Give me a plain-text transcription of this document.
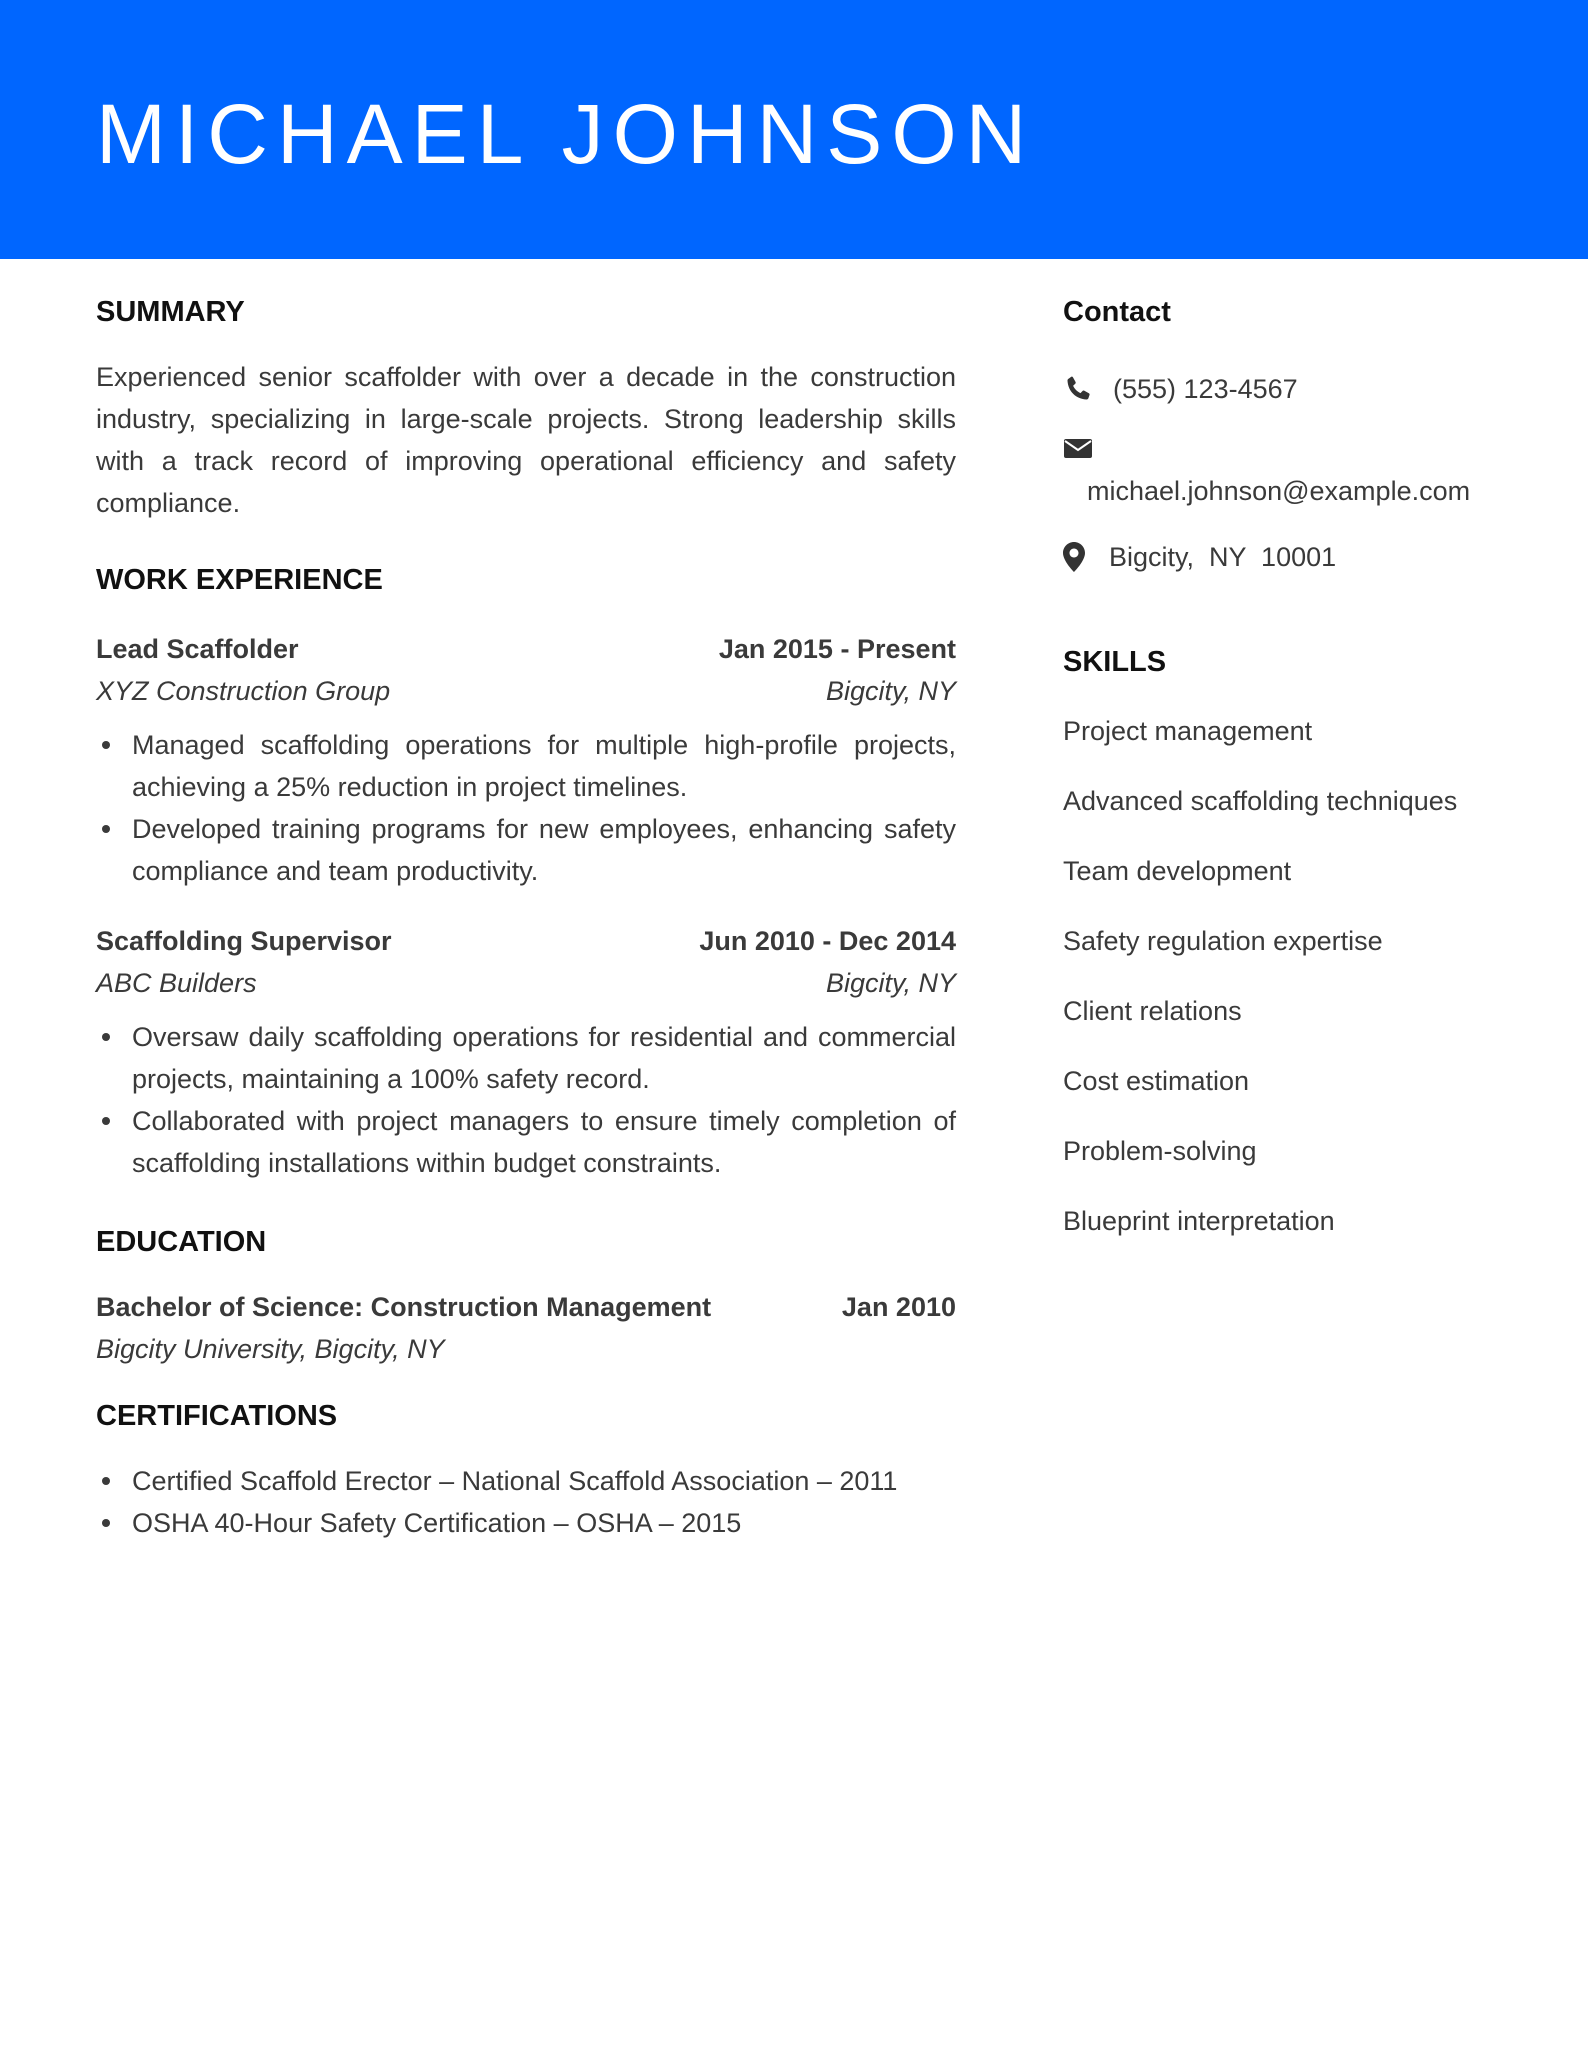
MICHAEL JOHNSON
SUMMARY

Experienced senior scaffolder with over a decade in the construction industry, specializing in large-scale projects. Strong leadership skills with a track record of improving operational efficiency and safety compliance.

WORK EXPERIENCE
Lead Scaffolder	Jan 2015 - Present
XYZ Construction Group	Bigcity, NY
Managed scaffolding operations for multiple high-profile projects, achieving a 25% reduction in project timelines.
Developed training programs for new employees, enhancing safety compliance and team productivity.
Scaffolding Supervisor	Jun 2010 - Dec 2014
ABC Builders	Bigcity, NY
Oversaw daily scaffolding operations for residential and commercial projects, maintaining a 100% safety record.
Collaborated with project managers to ensure timely completion of scaffolding installations within budget constraints.
EDUCATION
Bachelor of Science: Construction Management	Jan 2010
Bigcity University, Bigcity, NY
CERTIFICATIONS
Certified Scaffold Erector – National Scaffold Association – 2011
OSHA 40-Hour Safety Certification – OSHA – 2015
Contact
(555) 123-4567
michael.johnson@example.com
Bigcity,  NY  10001
SKILLS
Project management
Advanced scaffolding techniques
Team development
Safety regulation expertise
Client relations
Cost estimation
Problem-solving
Blueprint interpretation
